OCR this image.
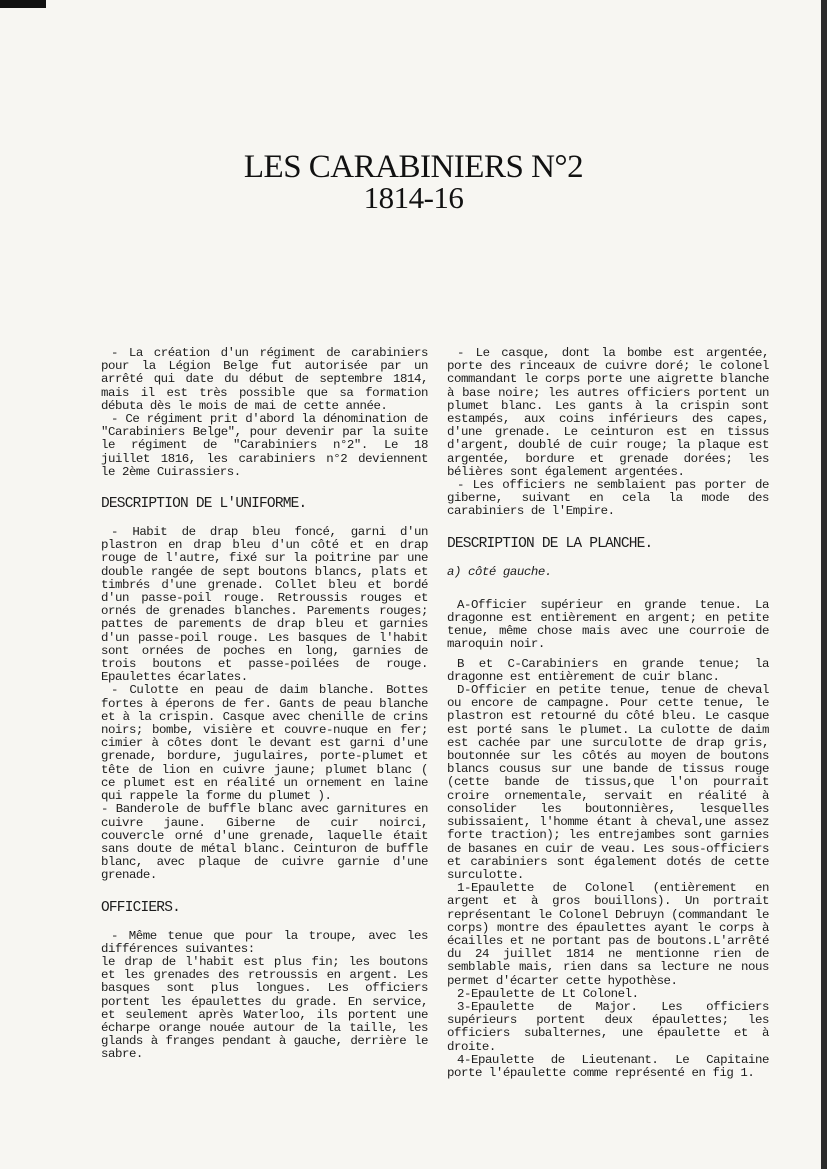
LES CARABINIERS N°2
1814-16

- La création d'un régiment de carabiniers pour la Légion Belge fut autorisée par un arrêté qui date du début de septembre 1814, mais il est très possible que sa formation débuta dès le mois de mai de cette année.

- Ce régiment prit d'abord la dénomination de "Carabiniers Belge", pour devenir par la suite le régiment de "Carabiniers n°2". Le 18 juillet 1816, les carabiniers n°2 deviennent le 2ème Cuirassiers.

DESCRIPTION DE L'UNIFORME.

- Habit de drap bleu foncé, garni d'un plastron en drap bleu d'un côté et en drap rouge de l'autre, fixé sur la poitrine par une double rangée de sept boutons blancs, plats et timbrés d'une grenade. Collet bleu et bordé d'un passe-poil rouge. Retroussis rouges et ornés de grenades blanches. Parements rouges; pattes de parements de drap bleu et garnies d'un passe-poil rouge. Les basques de l'habit sont ornées de poches en long, garnies de trois boutons et passe-poilées de rouge. Epaulettes écarlates.

- Culotte en peau de daim blanche. Bottes fortes à éperons de fer. Gants de peau blanche et à la crispin. Casque avec chenille de crins noirs; bombe, visière et couvre-nuque en fer; cimier à côtes dont le devant est garni d'une grenade, bordure, jugulaires, porte-plumet et tête de lion en cuivre jaune; plumet blanc ( ce plumet est en réalité un ornement en laine qui rappele la forme du plumet ).

- Banderole de buffle blanc avec garnitures en cuivre jaune. Giberne de cuir noirci, couvercle orné d'une grenade, laquelle était sans doute de métal blanc. Ceinturon de buffle blanc, avec plaque de cuivre garnie d'une grenade.

OFFICIERS.

- Même tenue que pour la troupe, avec les différences suivantes:

le drap de l'habit est plus fin; les boutons et les grenades des retroussis en argent. Les basques sont plus longues. Les officiers portent les épaulettes du grade. En service, et seulement après Waterloo, ils portent une écharpe orange nouée autour de la taille, les glands à franges pendant à gauche, derrière le sabre.

- Le casque, dont la bombe est argentée, porte des rinceaux de cuivre doré; le colonel commandant le corps porte une aigrette blanche à base noire; les autres officiers portent un plumet blanc. Les gants à la crispin sont estampés, aux coins inférieurs des capes, d'une grenade. Le ceinturon est en tissus d'argent, doublé de cuir rouge; la plaque est argentée, bordure et grenade dorées; les bélières sont également argentées.

- Les officiers ne semblaient pas porter de giberne, suivant en cela la mode des carabiniers de l'Empire.

DESCRIPTION DE LA PLANCHE.

a) côté gauche.

A-Officier supérieur en grande tenue. La dragonne est entièrement en argent; en petite tenue, même chose mais avec une courroie de maroquin noir.

B et C-Carabiniers en grande tenue; la dragonne est entièrement de cuir blanc.

D-Officier en petite tenue, tenue de cheval ou encore de campagne. Pour cette tenue, le plastron est retourné du côté bleu. Le casque est porté sans le plumet. La culotte de daim est cachée par une surculotte de drap gris, boutonnée sur les côtés au moyen de boutons blancs cousus sur une bande de tissus rouge (cette bande de tissus,que l'on pourrait croire ornementale, servait en réalité à consolider les boutonnières, lesquelles subissaient, l'homme étant à cheval,une assez forte traction); les entrejambes sont garnies de basanes en cuir de veau. Les sous-officiers et carabiniers sont également dotés de cette surculotte.

1-Epaulette de Colonel (entièrement en argent et à gros bouillons). Un portrait représentant le Colonel Debruyn (commandant le corps) montre des épaulettes ayant le corps à écailles et ne portant pas de boutons.L'arrêté du 24 juillet 1814 ne mentionne rien de semblable mais, rien dans sa lecture ne nous permet d'écarter cette hypothèse.

2-Epaulette de Lt Colonel.

3-Epaulette de Major. Les officiers supérieurs portent deux épaulettes; les officiers subalternes, une épaulette et à droite.

4-Epaulette de Lieutenant. Le Capitaine porte l'épaulette comme représenté en fig 1.
